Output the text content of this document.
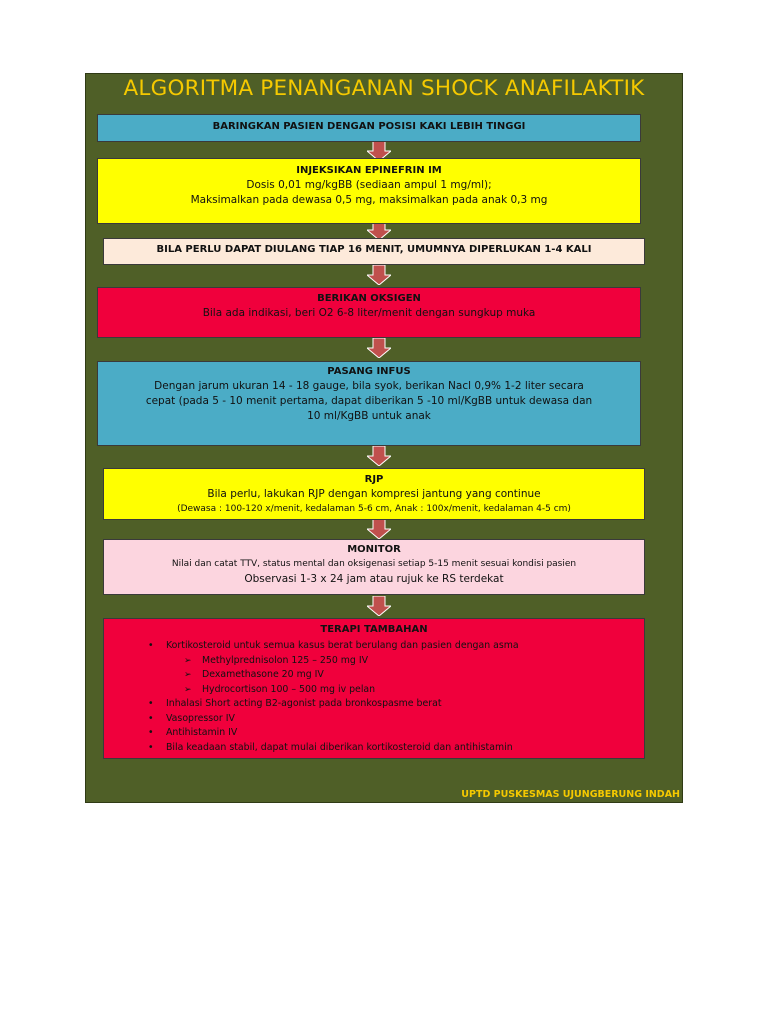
ALGORITMA PENANGANAN SHOCK ANAFILAKTIK
BARINGKAN PASIEN DENGAN POSISI KAKI LEBIH TINGGI
INJEKSIKAN EPINEFRIN IM
Dosis 0,01 mg/kgBB (sediaan ampul 1 mg/ml);
Maksimalkan pada dewasa 0,5 mg, maksimalkan pada anak 0,3 mg
BILA PERLU DAPAT DIULANG TIAP 16 MENIT, UMUMNYA DIPERLUKAN 1-4 KALI
BERIKAN OKSIGEN
Bila ada indikasi, beri O2 6-8 liter/menit dengan sungkup muka
PASANG INFUS
Dengan jarum ukuran 14 - 18 gauge, bila syok, berikan Nacl 0,9% 1-2 liter secara
cepat (pada 5 - 10 menit pertama, dapat diberikan 5 -10 ml/KgBB untuk dewasa dan
10 ml/KgBB untuk anak
RJP
Bila perlu, lakukan RJP dengan kompresi jantung yang continue
(Dewasa : 100-120 x/menit, kedalaman 5-6 cm, Anak : 100x/menit, kedalaman 4-5 cm)
MONITOR
Nilai dan catat TTV, status mental dan oksigenasi setiap 5-15 menit sesuai kondisi pasien
Observasi 1-3 x 24 jam atau rujuk ke RS terdekat
TERAPI TAMBAHAN
• Kortikosteroid untuk semua kasus berat berulang dan pasien dengan asma
➢ Methylprednisolon 125 – 250 mg IV
➢ Dexamethasone 20 mg IV
➢ Hydrocortison 100 – 500 mg iv pelan
• Inhalasi Short acting B2-agonist pada bronkospasme berat
• Vasopressor IV
• Antihistamin IV
• Bila keadaan stabil, dapat mulai diberikan kortikosteroid dan antihistamin
UPTD PUSKESMAS UJUNGBERUNG INDAH
